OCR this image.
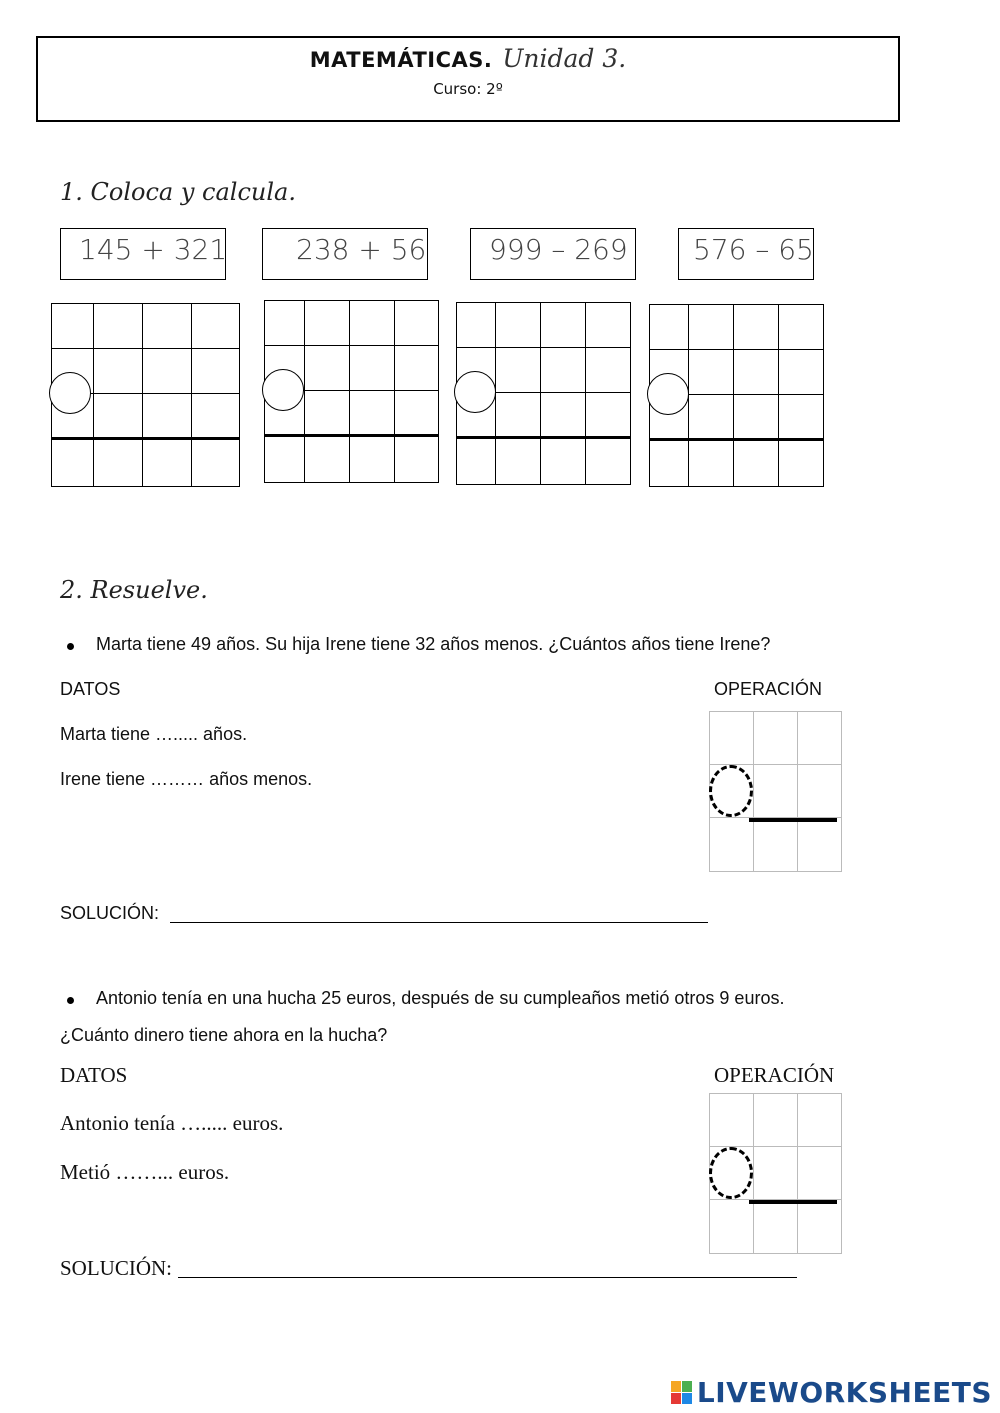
MATEMÁTICAS. Unidad 3.
Curso: 2º
1. Coloca y calcula.
145 + 321	238 + 56	999 – 269	576 – 65
2. Resuelve.
Marta tiene 49 años. Su hija Irene tiene 32 años menos. ¿Cuántos años tiene Irene?
DATOS	OPERACIÓN
Marta tiene …..... años.
Irene tiene ……… años menos.
SOLUCIÓN:
Antonio tenía en una hucha 25 euros, después de su cumpleaños metió otros 9 euros.
¿Cuánto dinero tiene ahora en la hucha?
DATOS	OPERACIÓN
Antonio tenía …..... euros.
Metió ……... euros.
SOLUCIÓN:
LIVEWORKSHEETS
